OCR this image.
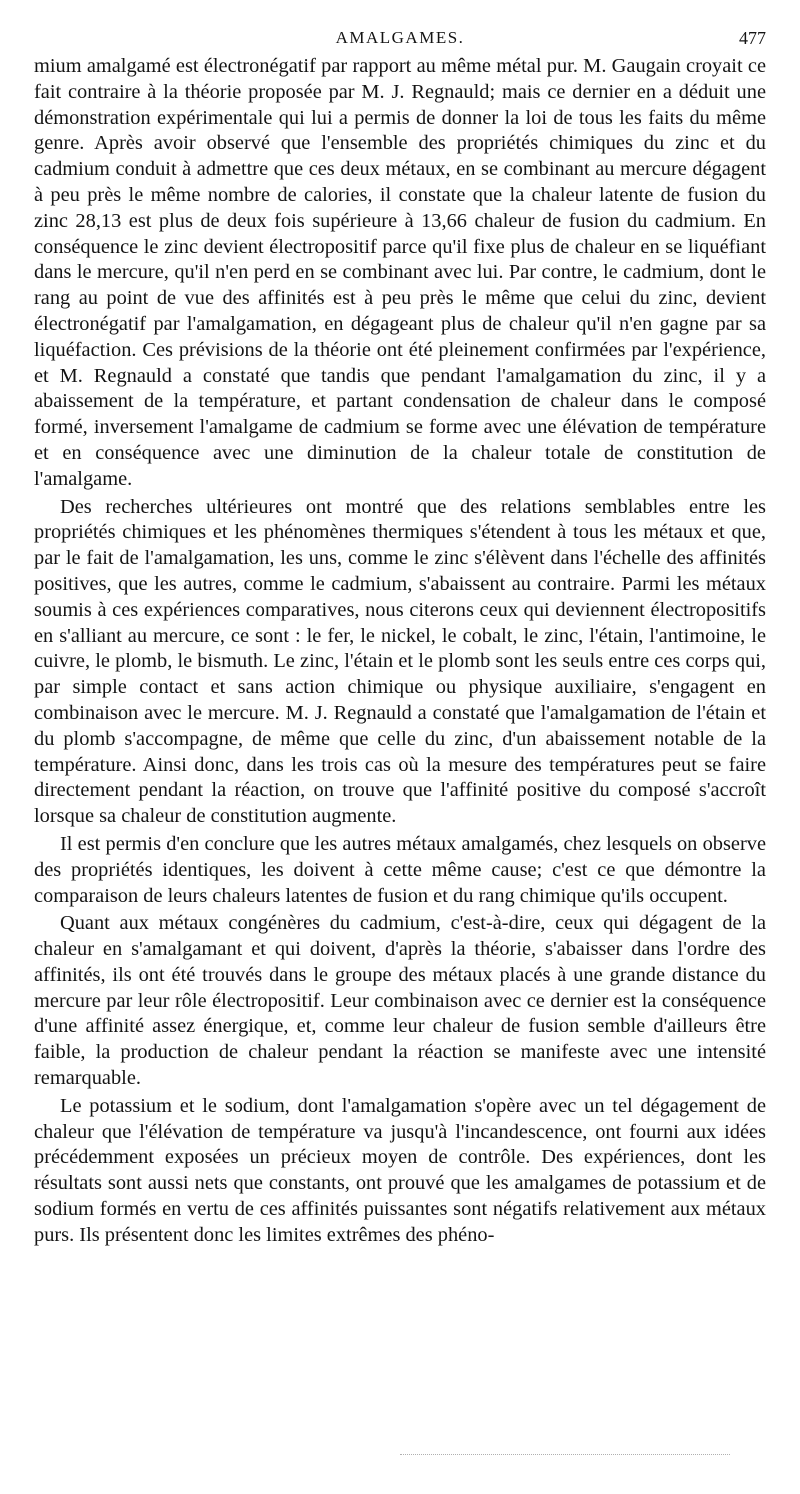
AMALGAMES.	477

mium amalgamé est électronégatif par rapport au même métal pur. M. Gaugain croyait ce fait contraire à la théorie proposée par M. J. Regnauld; mais ce dernier en a déduit une démonstration expérimentale qui lui a permis de donner la loi de tous les faits du même genre. Après avoir observé que l'ensemble des propriétés chimiques du zinc et du cadmium conduit à admettre que ces deux métaux, en se combinant au mercure dégagent à peu près le même nombre de calories, il constate que la chaleur latente de fusion du zinc 28,13 est plus de deux fois supérieure à 13,66 chaleur de fusion du cadmium. En conséquence le zinc devient électropositif parce qu'il fixe plus de chaleur en se liquéfiant dans le mercure, qu'il n'en perd en se combinant avec lui. Par contre, le cadmium, dont le rang au point de vue des affinités est à peu près le même que celui du zinc, devient électronégatif par l'amalgamation, en dégageant plus de chaleur qu'il n'en gagne par sa liquéfaction. Ces prévisions de la théorie ont été pleinement confirmées par l'expérience, et M. Regnauld a constaté que tandis que pendant l'amalgamation du zinc, il y a abaissement de la température, et partant condensation de chaleur dans le composé formé, inversement l'amalgame de cadmium se forme avec une élévation de température et en conséquence avec une diminution de la chaleur totale de constitution de l'amalgame.

Des recherches ultérieures ont montré que des relations semblables entre les propriétés chimiques et les phénomènes thermiques s'étendent à tous les métaux et que, par le fait de l'amalgamation, les uns, comme le zinc s'élèvent dans l'échelle des affinités positives, que les autres, comme le cadmium, s'abaissent au contraire. Parmi les métaux soumis à ces expériences comparatives, nous citerons ceux qui deviennent électropositifs en s'alliant au mercure, ce sont : le fer, le nickel, le cobalt, le zinc, l'étain, l'antimoine, le cuivre, le plomb, le bismuth. Le zinc, l'étain et le plomb sont les seuls entre ces corps qui, par simple contact et sans action chimique ou physique auxiliaire, s'engagent en combinaison avec le mercure. M. J. Regnauld a constaté que l'amalgamation de l'étain et du plomb s'accompagne, de même que celle du zinc, d'un abaissement notable de la température. Ainsi donc, dans les trois cas où la mesure des températures peut se faire directement pendant la réaction, on trouve que l'affinité positive du composé s'accroît lorsque sa chaleur de constitution augmente.

Il est permis d'en conclure que les autres métaux amalgamés, chez lesquels on observe des propriétés identiques, les doivent à cette même cause; c'est ce que démontre la comparaison de leurs chaleurs latentes de fusion et du rang chimique qu'ils occupent.

Quant aux métaux congénères du cadmium, c'est-à-dire, ceux qui dégagent de la chaleur en s'amalgamant et qui doivent, d'après la théorie, s'abaisser dans l'ordre des affinités, ils ont été trouvés dans le groupe des métaux placés à une grande distance du mercure par leur rôle électropositif. Leur combinaison avec ce dernier est la conséquence d'une affinité assez énergique, et, comme leur chaleur de fusion semble d'ailleurs être faible, la production de chaleur pendant la réaction se manifeste avec une intensité remarquable.

Le potassium et le sodium, dont l'amalgamation s'opère avec un tel dégagement de chaleur que l'élévation de température va jusqu'à l'incandescence, ont fourni aux idées précédemment exposées un précieux moyen de contrôle. Des expériences, dont les résultats sont aussi nets que constants, ont prouvé que les amalgames de potassium et de sodium formés en vertu de ces affinités puissantes sont négatifs relativement aux métaux purs. Ils présentent donc les limites extrêmes des phéno-
